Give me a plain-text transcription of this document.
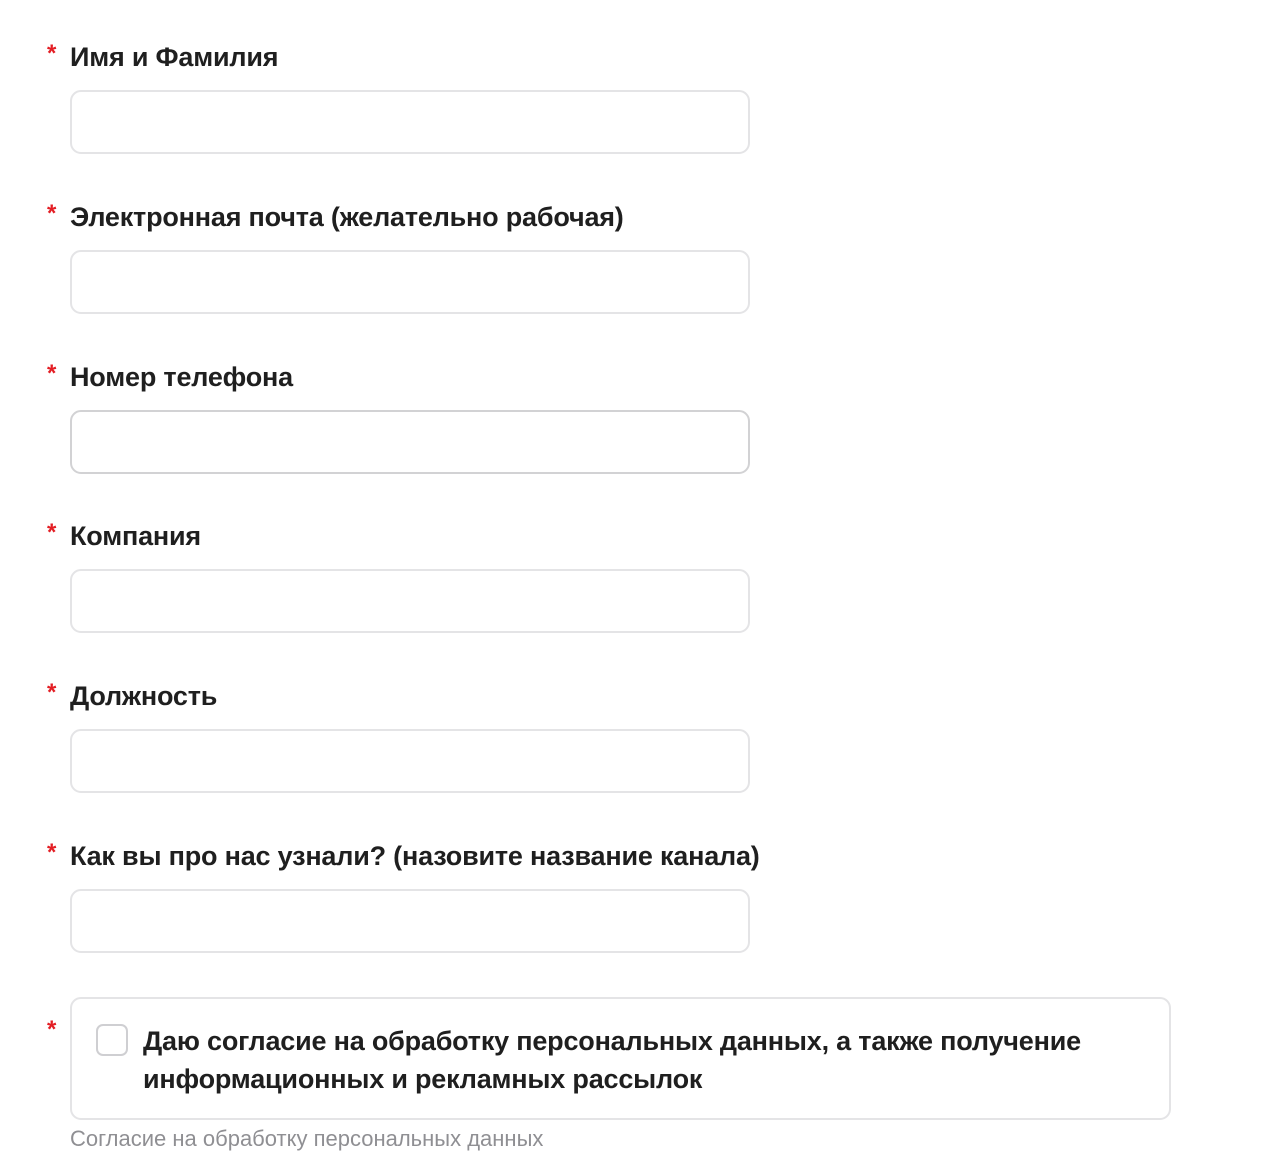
* Имя и Фамилия
* Электронная почта (желательно рабочая)
* Номер телефона
* Компания
* Должность
* Как вы про нас узнали? (назовите название канала)
*	Даю согласие на обработку персональных данных, а также получение информационных и рекламных рассылок
Согласие на обработку персональных данных
